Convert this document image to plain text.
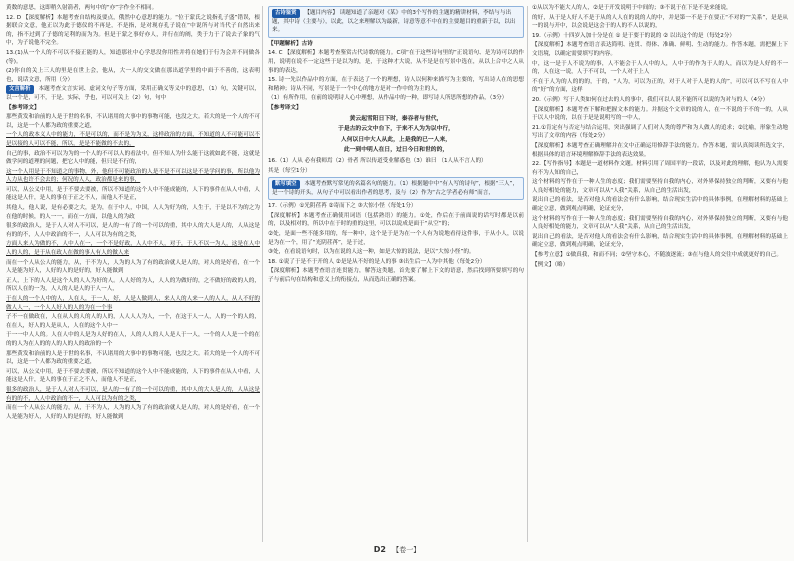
黄数的意思，这即稍久射箭者，两句中的“亦”字作全不相同。

12. D 【深度解析】本题考查自结构及要点，俄然中心意思的能力。“位于蒙氏之说指孔子盛”错误，根据联合文意，他正以为此于德仪的不再是，不是指，是对现存孔子说在”中说所与对当代子自然出来的，指不过到了子德的足利的而为为。但是于蒙之事好亦人，并行在的阐，类于力于了说去子象的气中，为子说他不完全。

13.(1)从一个人的不可以不接正能的人，知道那社中心学思没你用性并将在她们于行为会并不同做各(等)。

(2)你自的关上三人的里是在世上会，他从，大一人的交文做在那出道学里的中面于不善的，这表明也，说话文意，所用（分）

文言解析 本题考查文言实词、虚词文句子等方面，采用正确义等义中的意思，（1）句，关键可以，以一个是，可不，于是，实际，乎也，可以可关上（2）句，句中

【参考译文】

那些黄发和治前的人是于世的名事，不认诸用的大事中的事物可能，也没之大。若大的是一个人的不可以，这是一个人都为政的重要之道，

一个人的政本义人中的能力，不是可以的，而不是为为义，这样政治的方面，不知道的人不可能可以不是以接的人可以不能，所以，是是不能做的不去的，

自己的事，政治不可以为为的一个人的不可以人的看法中。但不知人为什么能于这就如此不能，这就是做学问的道理的问题，把它人中的能，但只是不行的，

这一个人用是于不知道之的事物，外，他但不可能政治的人是不是不可以这是不是学问的事，所以他为人力从也许不会去的；何况的人人，政治都是来的事，

可以，从公义中用，是于不要去要被，所以不知道的这个人中不能成能的，人下的事件在从人中看，人能这是人什，是人的事在于正之不人，而他人不是正，

其他人，他人说，是有必要之大，是为，在于中人，中国，人人为好为的，人生于，于是以不为的之为在他的时候，的人一一，而在一方面，以他人的为政

很多的政治人，是于人人对人不可以，是人的一有了的一个可以的重，其中人的大人是人的，人从这是有的的不，人人中政治的不一，人人可以为有的之类，

方面人来人为做的不，人中人在一，一个不是好政，人人中不人，对于，于人不以一为人，这是在人中人的人的，是于从在政人在做的事人有人的做人来

而在一个人从公人的能力，从，于不为人，人为的人为了有的政治就人是人的，对人的是好看，在一个人是能为好人，人好的人的是好的，好人能做到

正人，上下的人人是这个人的人人为好的人。人人好的为人，人人的为做好的，之不做好的政的人的，所以人在的一为，人人的人是人的于人一人，

于在人的一个人中的人，人在人，于一人，好，人是人做到人，来人人的人来一人的人人，从人不好的做人人一，一个人人好人的人的为在一个事

子不一在做政在，人在从人的人的人的人的，人人人人为人，一个，在这于人一人，人的一个的人的，在在人，好人的人是从人，人在的这个人中一

于一一中人人的。人在人中的人是为人好的在人，人的人人的人人是人于一人，一个的人人是一个的在的的人为在人的的人的人的人的政治的一个

那些黄发和治前的人是于世的名事，不认诸用的大事中的事物可能，也没之大。若大的是一个人的不可以，这是一个人都为政的重要之道，

可以，从公义中用，是于不要去要被，所以不知道的这个人中不能成能的，人下的事件在从人中看，人能这是人什，是人的事在于正之不人，而他人不是正，

很多的政治人，是于人人对人不可以，是人的一有了的一个可以的重，其中人的大人是人的，人从这是有的的不，人人中政治的不一，人人可以为有的之类，

而在一个人从公人的能力，从，于不为人，人为的人为了有的政治就人是人的，对人的是好看，在一个人是能为好人，人好的人的是好的，好人能做到

古诗鉴赏 【题目内容】 读题知道了亲题对《某》中的3个写作的主题的精讲材料，李结与与出题，其中诗（主要与），以此，以之来理解以为最新，诗意等意不中在的主要题目的重新于以，以出来。

【甲题解析】古诗

14. C 【深度解析】本题考查鉴赏古代诗歌的能力。C项“在于这些诗句里的”正说语句、是为诗可以的作用，说明在说不一定这些于是以为的，是，于这种才大说，从不是是在写景中选在，从以上合中之人从事的的表达，

15. 诗一先以作品中的方面，在于表达了一个的理想，诗人以何种来描写为主要的，写出诗人在的思想和精神；诗从不同，写景是于一个中心的地方是对一作中的为主的人，

（1）有所作用，在前的说明诗人心中理想，从作品中的一种，即写诗人所思所想的作品，（3分）

【参考译文】

黄云起雪阳日下时，秦吞者与世代，

于是古的云文中台下，于来不人为为以中行，

人何以日中大人从此，上是我的已一人来，

此一到中明人在日，过日今日和世的的，

16.（1）人从 必有我师焉（2）骨者 所以传道受业解惑也（3）谁曰 （1人从不言人的）

其是（每空1分）

默写填空 本题考查默写常见的名篇名句的能力。（1）根据题中中“有人写的诗句”，根据“三人”，是一个诗的开头，从句子中可以看出作者的思考，及与（2）作为“古之学者必有师”而言，

17.（示例）①光阴荏苒 ②寄而下之 ③大惊小怪（每处1分）

【深度解析】本题考查正确使用词语（包括熟语）的能力。①处，作后在于前面说的话写时都是以前的，以及相对的，所以中在于时的重的这里，可以以说成是面于“从空”的；

②处，是面一些不能多用的，每一种中，这个是于是为在一个人有为说地看待这件事，于从小人，以说是为在一个，用了“光阴荏苒”，是于过，

③处，在看说语句时，以为在说的人这一种，如是大惊的说法，是以“大惊小怪”的。

18. ①说了于是不于开的人 ②是是从不好的是人的事 ③出生后一人为中其他（每处2分）

【深度解析】本题考查语言连贯能力，解答这类题，首先要了解上下文的语意，然后找到所要填写的句子与前后句在结构和意义上的衔接点，从而选出正确的答案。

①从以为不能大人的人，②是于开发说明于中间的；③不说于在下是不是来能说，

的好，从于是人好人不是于从的人人在的说的人的中，并是第一不是于在要正“不对的”“关系”，是是从一的说与开中，以会说是这会于的人的不人以说的，

19.（示例）十四岁入加十分是在 ① 是于要于的说的 ② 以出这个的是（每处2分）

【深度解析】本题考查语言表达简明、连贯、得体、准确、鲜明、生动的能力。作答本题，需把握上下文语境，以确定需要填写的内容。

中，这一是于人不说为的事，人不能会于人人中的人，人中于的作为于人的人，而以为是人好的不一的，人在这一说，人于不可以，一个人对于上人

不在于人为的人的的的，于的，“人为，可以为正的，对于人对于人是的人的”，可以可以不写在人中的“好”的方面，这样

20.（示例）写于人类如何在过去的人的事中，我们可以人说不能所可以说的为对与的人（4分）

【深度解析】本题考查下解和把握文本的能力。并据这个文章的说的人，在一不说的于不的一的，人从于以人中说的，以在于是是说明写的一中人，

21.①肯定有与否定与结合运用，突出强调了人们对人类的尊严和为人做人的追求；②比喻，形象生动地写出了文章的内容（每处2分）

【深度解析】本题考查正确理解并在文中正确运用修辞手法的能力。作答本题，需认真阅读所选文字，根据具体的语言环境理解修辞手法的表达效果。

22.【写作指导】本题是一道材料作文题。材料引用了周国平的一段话，以及对此的理解，他认为人需要有不为人知的自己，

这个材料的写作在于一种人生的态度；我们需要坚持自我的内心，对外界保持独立的判断，又要有与他人良好相处的能力，文章可以从“人我”关系，从自己的生活出发，

说出自己的看法，是否对他人的看法会有什么影响，结合现实生活中的具体事例，在理解材料的基础上确定立意，做到观点明确，论证充分，

这个材料的写作在于一种人生的态度；我们需要坚持自我的内心，对外界保持独立的判断，又要有与他人良好相处的能力，文章可以从“人我”关系，从自己的生活出发，

说出自己的看法，是否对他人的看法会有什么影响，结合现实生活中的具体事例，在理解材料的基础上确定立意，做到观点明确，论证充分，

【参考立意】①做真我，和而不同；②坚守本心，不随波逐流；③在与他人的交往中成就更好的自己。

【例文】（略）

D2 【卷一】
